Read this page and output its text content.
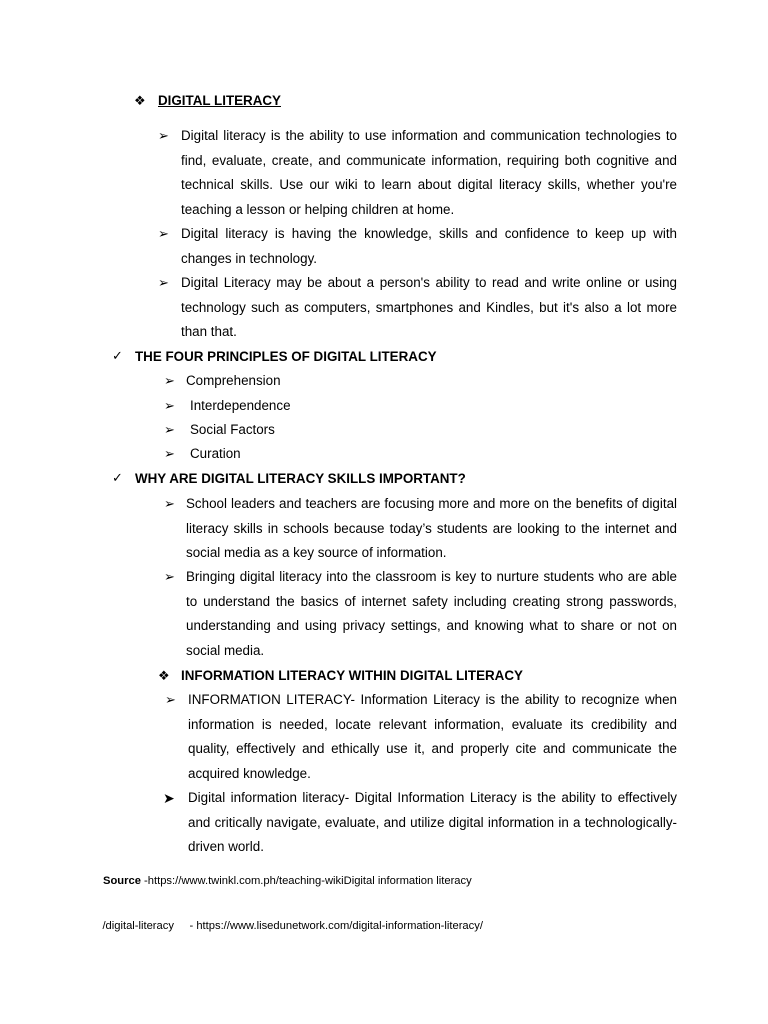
❖ DIGITAL LITERACY
➢ Digital literacy is the ability to use information and communication technologies to find, evaluate, create, and communicate information, requiring both cognitive and technical skills. Use our wiki to learn about digital literacy skills, whether you're teaching a lesson or helping children at home.

➢ Digital literacy is having the knowledge, skills and confidence to keep up with changes in technology.

➢ Digital Literacy may be about a person's ability to read and write online or using technology such as computers, smartphones and Kindles, but it's also a lot more than that.

✓ THE FOUR PRINCIPLES OF DIGITAL LITERACY
➢ Comprehension
➢ Interdependence
➢ Social Factors
➢ Curation
✓ WHY ARE DIGITAL LITERACY SKILLS IMPORTANT?
➢ School leaders and teachers are focusing more and more on the benefits of digital literacy skills in schools because today’s students are looking to the internet and social media as a key source of information.

➢ Bringing digital literacy into the classroom is key to nurture students who are able to understand the basics of internet safety including creating strong passwords, understanding and using privacy settings, and knowing what to share or not on social media.

❖ INFORMATION LITERACY WITHIN DIGITAL LITERACY
➢ INFORMATION LITERACY- Information Literacy is the ability to recognize when information is needed, locate relevant information, evaluate its credibility and quality, effectively and ethically use it, and properly cite and communicate the acquired knowledge.

➤ Digital information literacy- Digital Information Literacy is the ability to effectively and critically navigate, evaluate, and utilize digital information in a technologically-driven world.

Source -https://www.twinkl.com.ph/teaching-wikiDigital information literacy

/digital-literacy     - https://www.lisedunetwork.com/digital-information-literacy/
